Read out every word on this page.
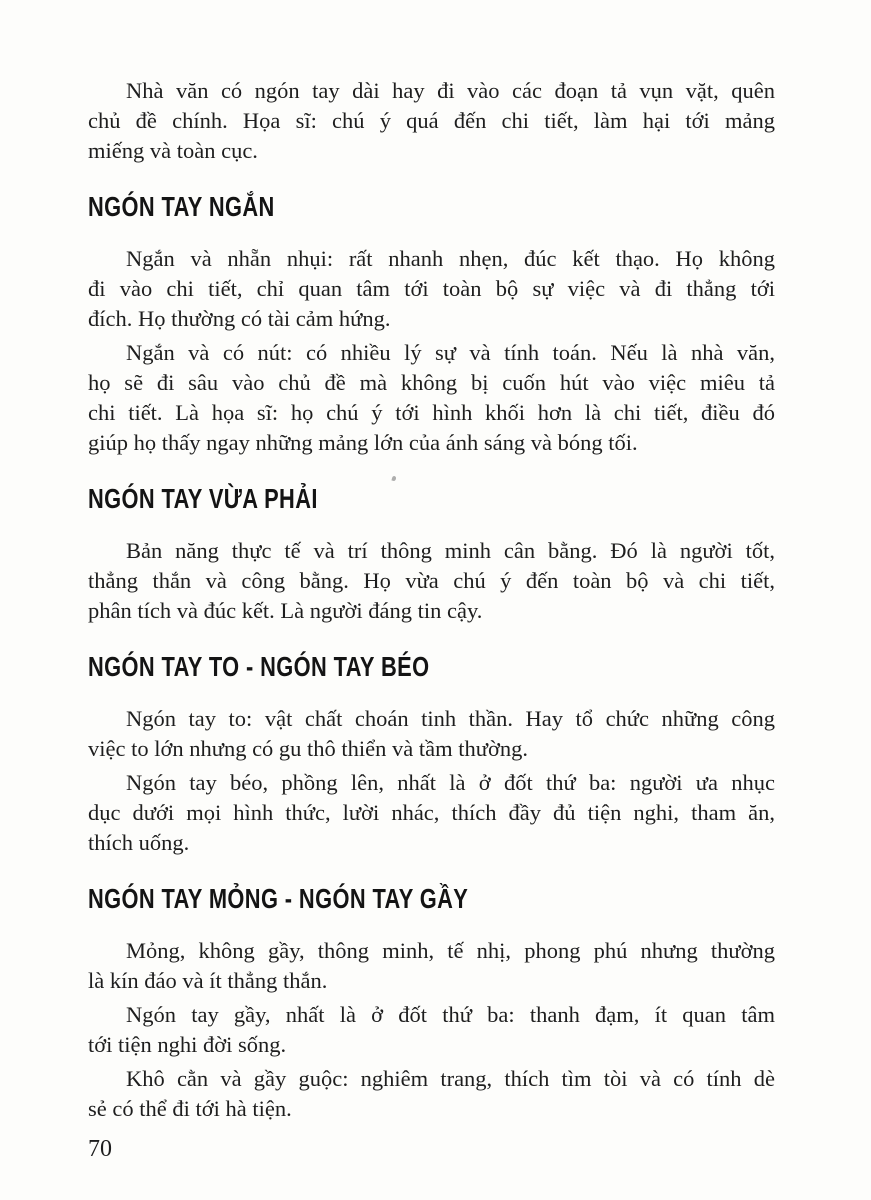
Nhà văn có ngón tay dài hay đi vào các đoạn tả vụn vặt, quên
chủ đề chính. Họa sĩ: chú ý quá đến chi tiết, làm hại tới mảng
miếng và toàn cục.

NGÓN TAY NGẮN

Ngắn và nhẵn nhụi: rất nhanh nhẹn, đúc kết thạo. Họ không
đi vào chi tiết, chỉ quan tâm tới toàn bộ sự việc và đi thẳng tới
đích. Họ thường có tài cảm hứng.

Ngắn và có nút: có nhiều lý sự và tính toán. Nếu là nhà văn,
họ sẽ đi sâu vào chủ đề mà không bị cuốn hút vào việc miêu tả
chi tiết. Là họa sĩ: họ chú ý tới hình khối hơn là chi tiết, điều đó
giúp họ thấy ngay những mảng lớn của ánh sáng và bóng tối.

NGÓN TAY VỪA PHẢI

Bản năng thực tế và trí thông minh cân bằng. Đó là người tốt,
thẳng thắn và công bằng. Họ vừa chú ý đến toàn bộ và chi tiết,
phân tích và đúc kết. Là người đáng tin cậy.

NGÓN TAY TO - NGÓN TAY BÉO

Ngón tay to: vật chất choán tinh thần. Hay tổ chức những công
việc to lớn nhưng có gu thô thiển và tầm thường.

Ngón tay béo, phồng lên, nhất là ở đốt thứ ba: người ưa nhục
dục dưới mọi hình thức, lười nhác, thích đầy đủ tiện nghi, tham ăn,
thích uống.

NGÓN TAY MỎNG - NGÓN TAY GẦY

Mỏng, không gầy, thông minh, tế nhị, phong phú nhưng thường
là kín đáo và ít thẳng thắn.

Ngón tay gầy, nhất là ở đốt thứ ba: thanh đạm, ít quan tâm
tới tiện nghi đời sống.

Khô cằn và gầy guộc: nghiêm trang, thích tìm tòi và có tính dè
sẻ có thể đi tới hà tiện.

70
